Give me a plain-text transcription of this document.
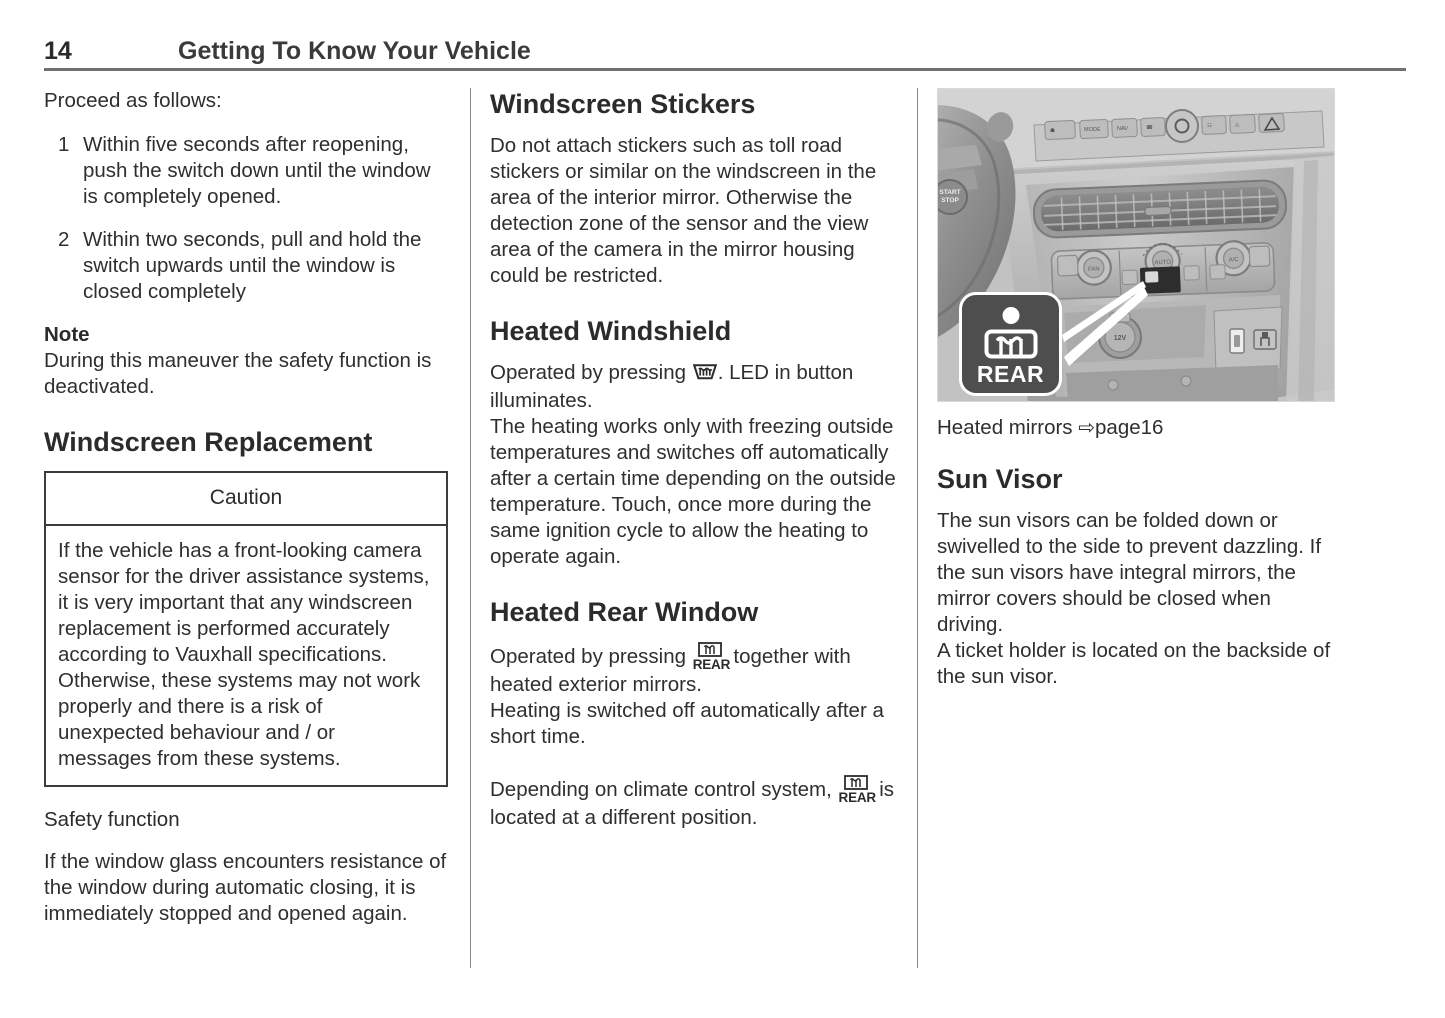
14	Getting To Know Your Vehicle

Proceed as follows:

1 Within five seconds after reopening, push the switch down until the window is completely opened.
2 Within two seconds, pull and hold the switch upwards until the window is closed completely
Note

During this maneuver the safety function is deactivated.

Windscreen Replacement
Caution
If the vehicle has a front-looking camera sensor for the driver assistance systems, it is very important that any windscreen replacement is performed accurately according to Vauxhall specifications. Otherwise, these systems may not work properly and there is a risk of unexpected behaviour and / or messages from these systems.
Safety function

If the window glass encounters resistance of the window during automatic closing, it is immediately stopped and opened again.

Windscreen Stickers

Do not attach stickers such as toll road stickers or similar on the windscreen in the area of the interior mirror. Otherwise the detection zone of the sensor and the view area of the camera in the mirror housing could be restricted.

Heated Windshield

Operated by pressing . LED in button illuminates.

The heating works only with freezing outside temperatures and switches off automatically after a certain time depending on the outside temperature. Touch, once more during the same ignition cycle to allow the heating to operate again.

Heated Rear Window

Operated by pressing REAR
together with heated exterior mirrors.

Heating is switched off automatically after a short time.

Depending on climate control system, REAR
is located at a different position.

☗	MODE	NAV	☎	☷	◬
START
STOP
FAN
AUTO	A/C
12V
REAR

Heated mirrors ⇨page16

Sun Visor

The sun visors can be folded down or swivelled to the side to prevent dazzling. If the sun visors have integral mirrors, the mirror covers should be closed when driving.

A ticket holder is located on the backside of the sun visor.
